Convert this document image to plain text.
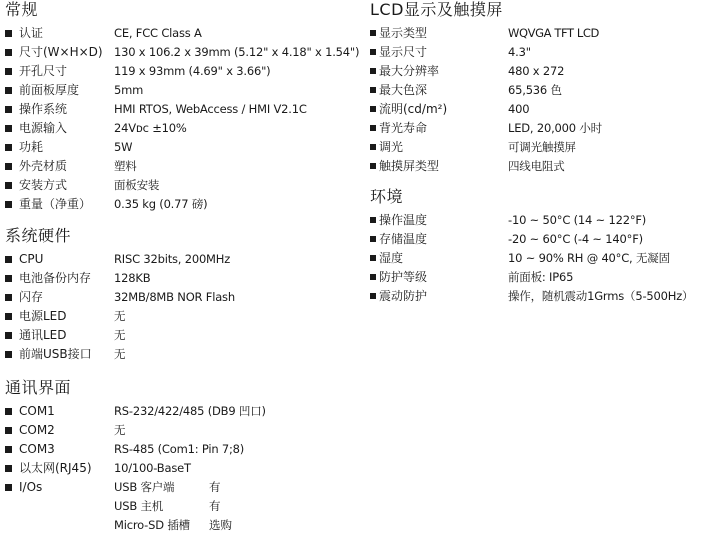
常规
认证	CE, FCC Class A
尺寸(W×H×D) 130 x 106.2 x 39mm (5.12" x 4.18" x 1.54")
开孔尺寸	119 x 93mm (4.69" x 3.66")
前面板厚度	5mm
操作系统	HMI RTOS, WebAccess / HMI V2.1C
电源输入	24Vᴅᴄ ±10%
功耗	5W
外壳材质	塑料
安装方式	面板安装
重量（净重） 0.35 kg (0.77 磅)
系统硬件
CPU	RISC 32bits, 200MHz
电池备份内存 128KB
闪存	32MB/8MB NOR Flash
电源LED	无
通讯LED	无
前端USB接口 无
通讯界面
COM1	RS-232/422/485 (DB9 凹口)
COM2	无
COM3	RS-485 (Com1: Pin 7;8)
以太网(RJ45) 10/100-BaseT
I/Os	USB 客户端	有
USB 主机	有
Micro-SD 插槽 选购
LCD显示及触摸屏
显示类型	WQVGA TFT LCD
显示尺寸	4.3"
最大分辨率	480 x 272
最大色深	65,536 色
流明(cd/m²)	400
背光寿命	LED, 20,000 小时
调光	可调光触摸屏
触摸屏类型	四线电阻式
环境
操作温度	-10 ~ 50°C (14 ~ 122°F)
存储温度	-20 ~ 60°C (-4 ~ 140°F)
湿度	10 ~ 90% RH @ 40°C, 无凝固
防护等级	前面板: IP65
震动防护	操作，随机震动1Grms（5-500Hz）
